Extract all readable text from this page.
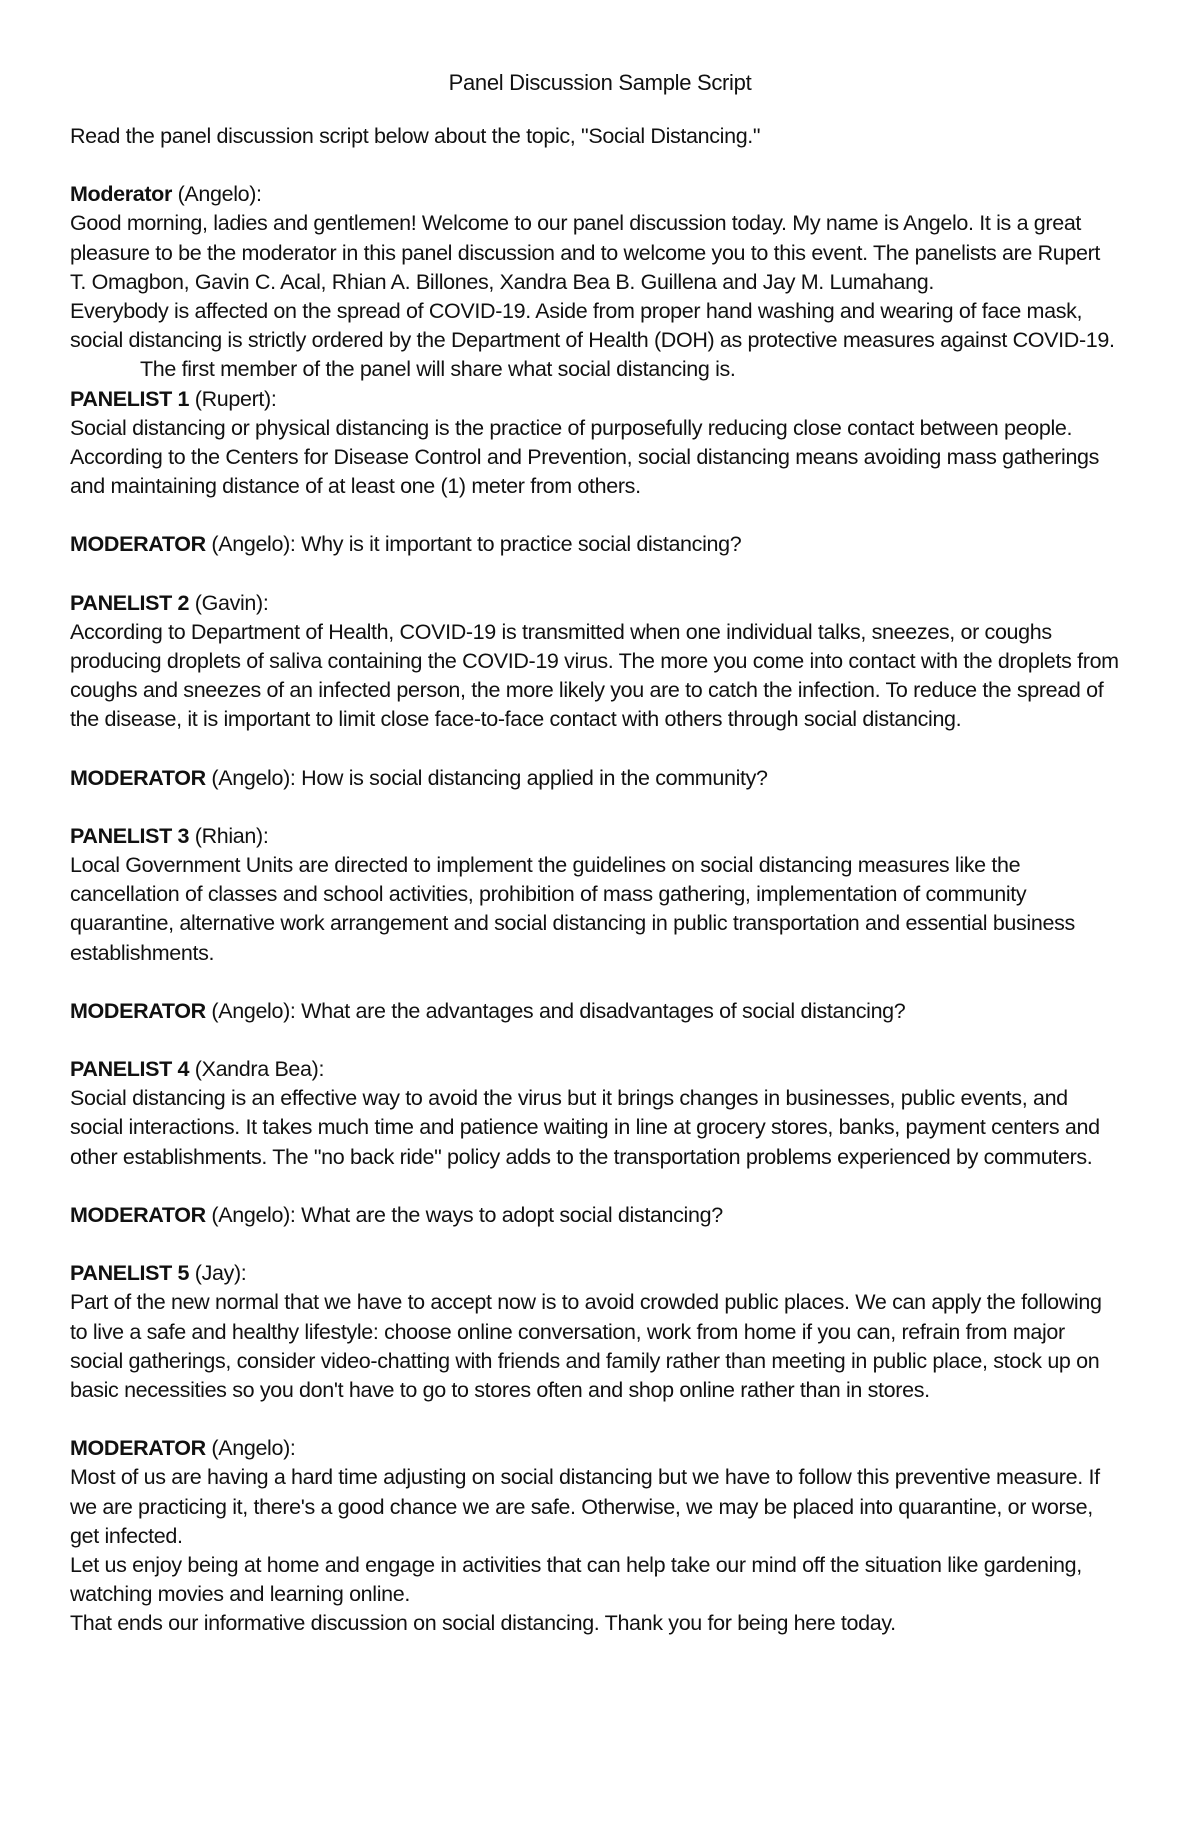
Panel Discussion Sample Script

Read the panel discussion script below about the topic, "Social Distancing."

Moderator (Angelo):

Good morning, ladies and gentlemen! Welcome to our panel discussion today. My name is Angelo. It is a great

pleasure to be the moderator in this panel discussion and to welcome you to this event. The panelists are Rupert

T. Omagbon, Gavin C. Acal, Rhian A. Billones, Xandra Bea B. Guillena and Jay M. Lumahang.

Everybody is affected on the spread of COVID-19. Aside from proper hand washing and wearing of face mask,

social distancing is strictly ordered by the Department of Health (DOH) as protective measures against COVID-19.

The first member of the panel will share what social distancing is.

PANELIST 1 (Rupert):

Social distancing or physical distancing is the practice of purposefully reducing close contact between people.

According to the Centers for Disease Control and Prevention, social distancing means avoiding mass gatherings

and maintaining distance of at least one (1) meter from others.

MODERATOR (Angelo): Why is it important to practice social distancing?

PANELIST 2 (Gavin):

According to Department of Health, COVID-19 is transmitted when one individual talks, sneezes, or coughs

producing droplets of saliva containing the COVID-19 virus. The more you come into contact with the droplets from

coughs and sneezes of an infected person, the more likely you are to catch the infection. To reduce the spread of

the disease, it is important to limit close face-to-face contact with others through social distancing.

MODERATOR (Angelo): How is social distancing applied in the community?

PANELIST 3 (Rhian):

Local Government Units are directed to implement the guidelines on social distancing measures like the

cancellation of classes and school activities, prohibition of mass gathering, implementation of community

quarantine, alternative work arrangement and social distancing in public transportation and essential business

establishments.

MODERATOR (Angelo): What are the advantages and disadvantages of social distancing?

PANELIST 4 (Xandra Bea):

Social distancing is an effective way to avoid the virus but it brings changes in businesses, public events, and

social interactions. It takes much time and patience waiting in line at grocery stores, banks, payment centers and

other establishments. The "no back ride" policy adds to the transportation problems experienced by commuters.

MODERATOR (Angelo): What are the ways to adopt social distancing?

PANELIST 5 (Jay):

Part of the new normal that we have to accept now is to avoid crowded public places. We can apply the following

to live a safe and healthy lifestyle: choose online conversation, work from home if you can, refrain from major

social gatherings, consider video-chatting with friends and family rather than meeting in public place, stock up on

basic necessities so you don't have to go to stores often and shop online rather than in stores.

MODERATOR (Angelo):

Most of us are having a hard time adjusting on social distancing but we have to follow this preventive measure. If

we are practicing it, there's a good chance we are safe. Otherwise, we may be placed into quarantine, or worse,

get infected.

Let us enjoy being at home and engage in activities that can help take our mind off the situation like gardening,

watching movies and learning online.

That ends our informative discussion on social distancing. Thank you for being here today.
